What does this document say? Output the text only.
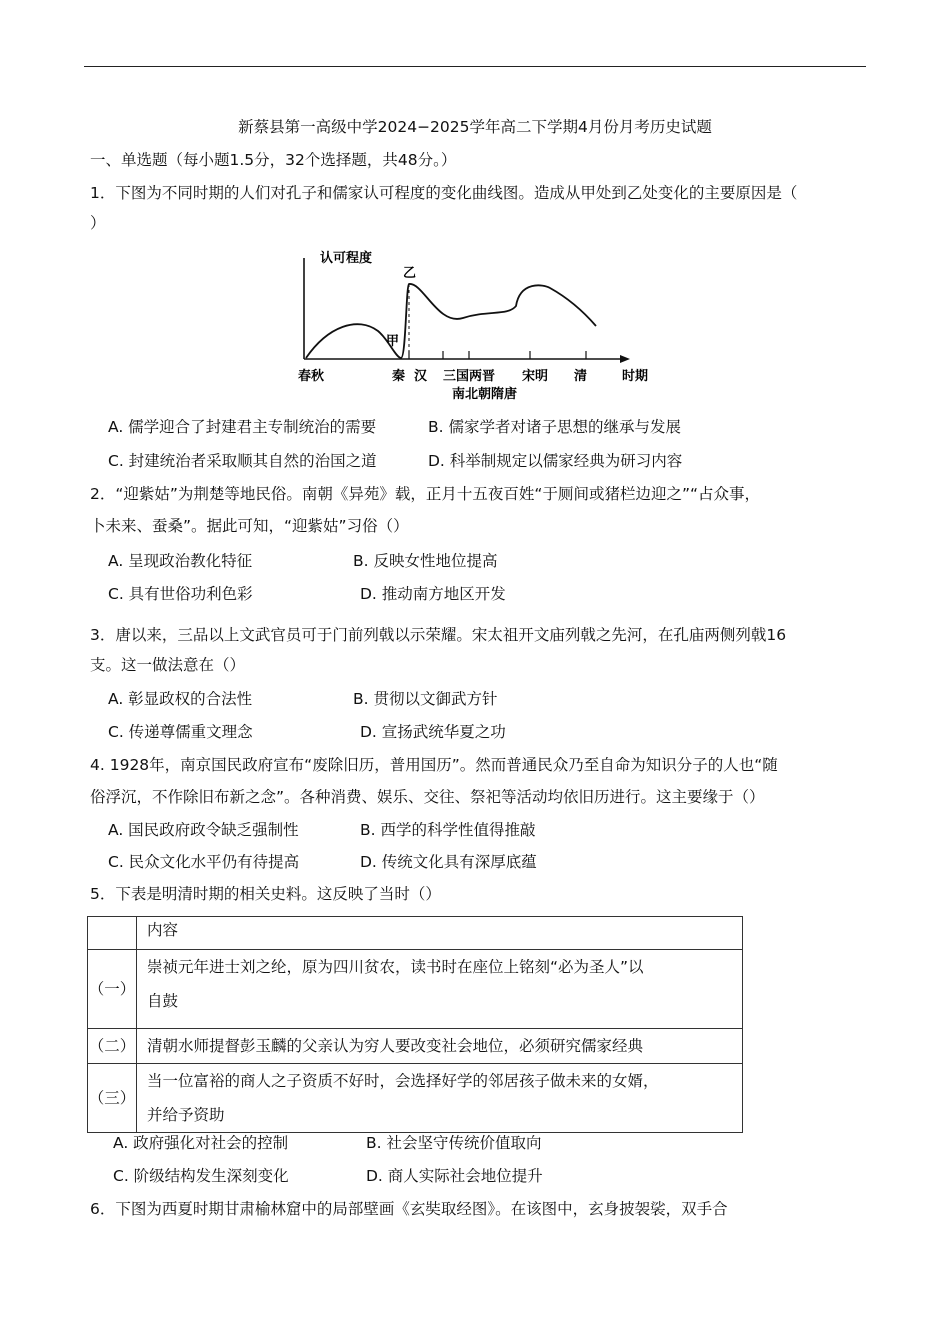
新蔡县第一高级中学2024−2025学年高二下学期4月份月考历史试题
一、单选题（每小题1.5分，32个选择题，共48分。）
1．下图为不同时期的人们对孔子和儒家认可程度的变化曲线图。造成从甲处到乙处变化的主要原因是（
）
认可程度
乙
甲
春秋	秦 汉 三国两晋
南北朝隋唐
宋明 清	时期
A. 儒学迎合了封建君主专制统治的需要	B. 儒家学者对诸子思想的继承与发展
C. 封建统治者采取顺其自然的治国之道	D. 科举制规定以儒家经典为研习内容
2．“迎紫姑”为荆楚等地民俗。南朝《异苑》载，正月十五夜百姓“于厕间或猪栏边迎之”“占众事，
卜未来、蚕桑”。据此可知，“迎紫姑”习俗（）
A. 呈现政治教化特征	B. 反映女性地位提高
C. 具有世俗功利色彩	D. 推动南方地区开发
3．唐以来，三品以上文武官员可于门前列戟以示荣耀。宋太祖开文庙列戟之先河，在孔庙两侧列戟16
支。这一做法意在（）
A. 彰显政权的合法性	B. 贯彻以文御武方针
C. 传递尊儒重文理念	D. 宣扬武统华夏之功
4. 1928年，南京国民政府宣布“废除旧历，普用国历”。然而普通民众乃至自命为知识分子的人也“随
俗浮沉，不作除旧布新之念”。各种消费、娱乐、交往、祭祀等活动均依旧历进行。这主要缘于（）
A. 国民政府政令缺乏强制性	B. 西学的科学性值得推敲
C. 民众文化水平仍有待提高	D. 传统文化具有深厚底蕴
5．下表是明清时期的相关史料。这反映了当时（）
	内容
（一）	崇祯元年进士刘之纶，原为四川贫农，读书时在座位上铭刻“必为圣人”以
自鼓

（二）	清朝水师提督彭玉麟的父亲认为穷人要改变社会地位，必须研究儒家经典

（三）	当一位富裕的商人之子资质不好时，会选择好学的邻居孩子做未来的女婿，
并给予资助
A. 政府强化对社会的控制	B. 社会坚守传统价值取向
C. 阶级结构发生深刻变化	D. 商人实际社会地位提升
6．下图为西夏时期甘肃榆林窟中的局部壁画《玄奘取经图》。在该图中，玄身披袈裟，双手合
